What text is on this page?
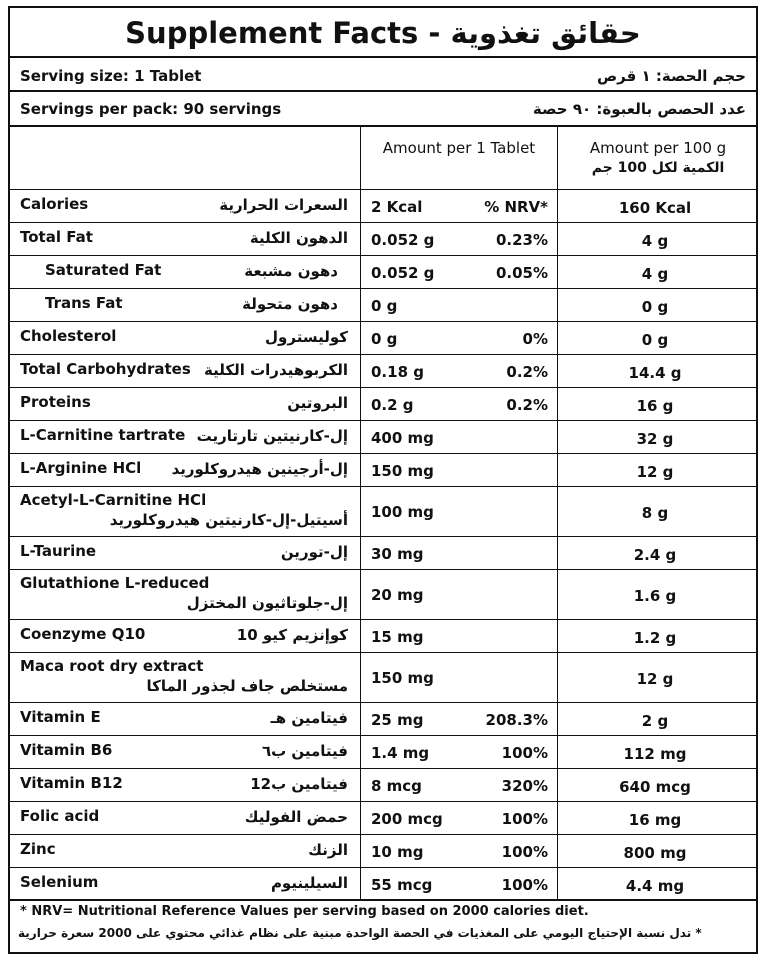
Supplement Facts - حقائق تغذوية
Serving size: 1 Tablet	حجم الحصة: ١ قرص
Servings per pack: 90 servings	عدد الحصص بالعبوة: ٩٠ حصة
Amount per 1 Tablet	Amount per 100 g
الكمية لكل 100 جم
Calories	السعرات الحرارية 2 Kcal	% NRV*	160 Kcal
Total Fat	الدهون الكلية 0.052 g	0.23%	4 g
Saturated Fat	دهون مشبعة 0.052 g	0.05%	4 g
Trans Fat	دهون متحولة 0 g	0 g
Cholesterol	كوليسترول 0 g	0%	0 g
Total Carbohydrates الكربوهيدرات الكلية 0.18 g	0.2%	14.4 g
Proteins	البروتين 0.2 g	0.2%	16 g
L-Carnitine tartrate إل-كارنيتين تارتاريت 400 mg	32 g
L-Arginine HCl إل-أرجينين هيدروكلوريد 150 mg	12 g
Acetyl-L-Carnitine HCl
أسيتيل-إل-كارنيتين هيدروكلوريد 100 mg	8 g
L-Taurine	إل-تورين 30 mg	2.4 g
Glutathione L-reduced
إل-جلوتاثيون المختزل 20 mg	1.6 g
Coenzyme Q10	كوإنزيم كيو 10 15 mg	1.2 g
Maca root dry extract
مستخلص جاف لجذور الماكا 150 mg	12 g
Vitamin E	فيتامين هـ 25 mg	208.3%	2 g
Vitamin B6	فيتامين ب٦ 1.4 mg	100%	112 mg
Vitamin B12	فيتامين ب12 8 mcg	320%	640 mcg
Folic acid	حمض الفوليك 200 mcg	100%	16 mg
Zinc	الزنك 10 mg	100%	800 mg
Selenium	السيلينيوم 55 mcg	100%	4.4 mg
* NRV= Nutritional Reference Values per serving based on 2000 calories diet.
* تدل نسبة الإحتياج اليومي على المغذيات في الحصة الواحدة مبنية على نظام غذائي محتوي على 2000 سعرة حرارية
